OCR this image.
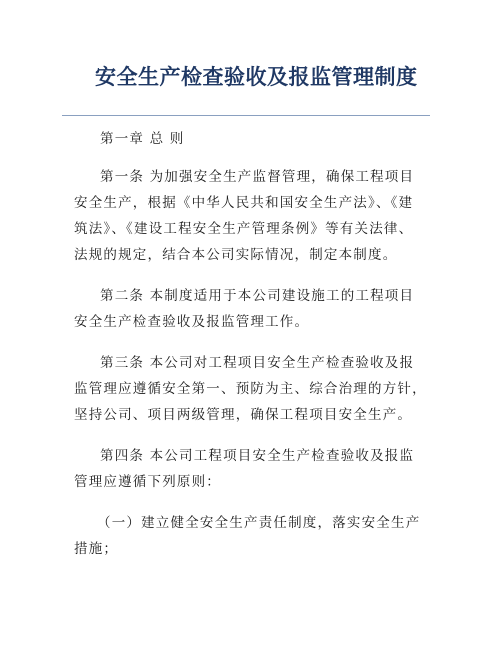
安全生产检查验收及报监管理制度
第一章 总 则
第一条 为加强安全生产监督管理，确保工程项目
安全生产，根据《中华人民共和国安全生产法》、《建
筑法》、《建设工程安全生产管理条例》等有关法律、
法规的规定，结合本公司实际情况，制定本制度。
第二条 本制度适用于本公司建设施工的工程项目
安全生产检查验收及报监管理工作。
第三条 本公司对工程项目安全生产检查验收及报
监管理应遵循安全第一、预防为主、综合治理的方针，
坚持公司、项目两级管理，确保工程项目安全生产。
第四条 本公司工程项目安全生产检查验收及报监
管理应遵循下列原则：
（一）建立健全安全生产责任制度，落实安全生产
措施；
